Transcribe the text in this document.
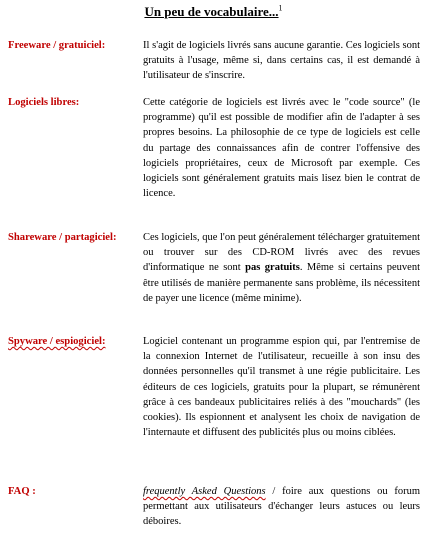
Un peu de vocabulaire...$^1$
Freeware / gratuiciel:	Il s'agit de logiciels livrés sans aucune garantie. Ces logiciels sont gratuits à l'usage, même si, dans certains cas, il est demandé à l'utilisateur de s'inscrire.
Logiciels libres:	Cette catégorie de logiciels est livrés avec le "code source" (le programme) qu'il est possible de modifier afin de l'adapter à ses propres besoins. La philosophie de ce type de logiciels est celle du partage des connaissances afin de contrer l'offensive des logiciels propriétaires, ceux de Microsoft par exemple. Ces logiciels sont généralement gratuits mais lisez bien le contrat de licence.
Shareware / partagiciel:	Ces logiciels, que l'on peut généralement télécharger gratuitement ou trouver sur des CD-ROM livrés avec des revues d'informatique ne sont pas gratuits. Même si certains peuvent être utilisés de manière permanente sans problème, ils nécessitent de payer une licence (même minime).
Spyware / espiogiciel:	Logiciel contenant un programme espion qui, par l'entremise de la connexion Internet de l'utilisateur, recueille à son insu des données personnelles qu'il transmet à une régie publicitaire. Les éditeurs de ces logiciels, gratuits pour la plupart, se rémunèrent grâce à ces bandeaux publicitaires reliés à des "mouchards" (les cookies). Ils espionnent et analysent les choix de navigation de l'internaute et diffusent des publicités plus ou moins ciblées.
FAQ :	frequently Asked Questions / foire aux questions ou forum permettant aux utilisateurs d'échanger leurs astuces ou leurs déboires.
